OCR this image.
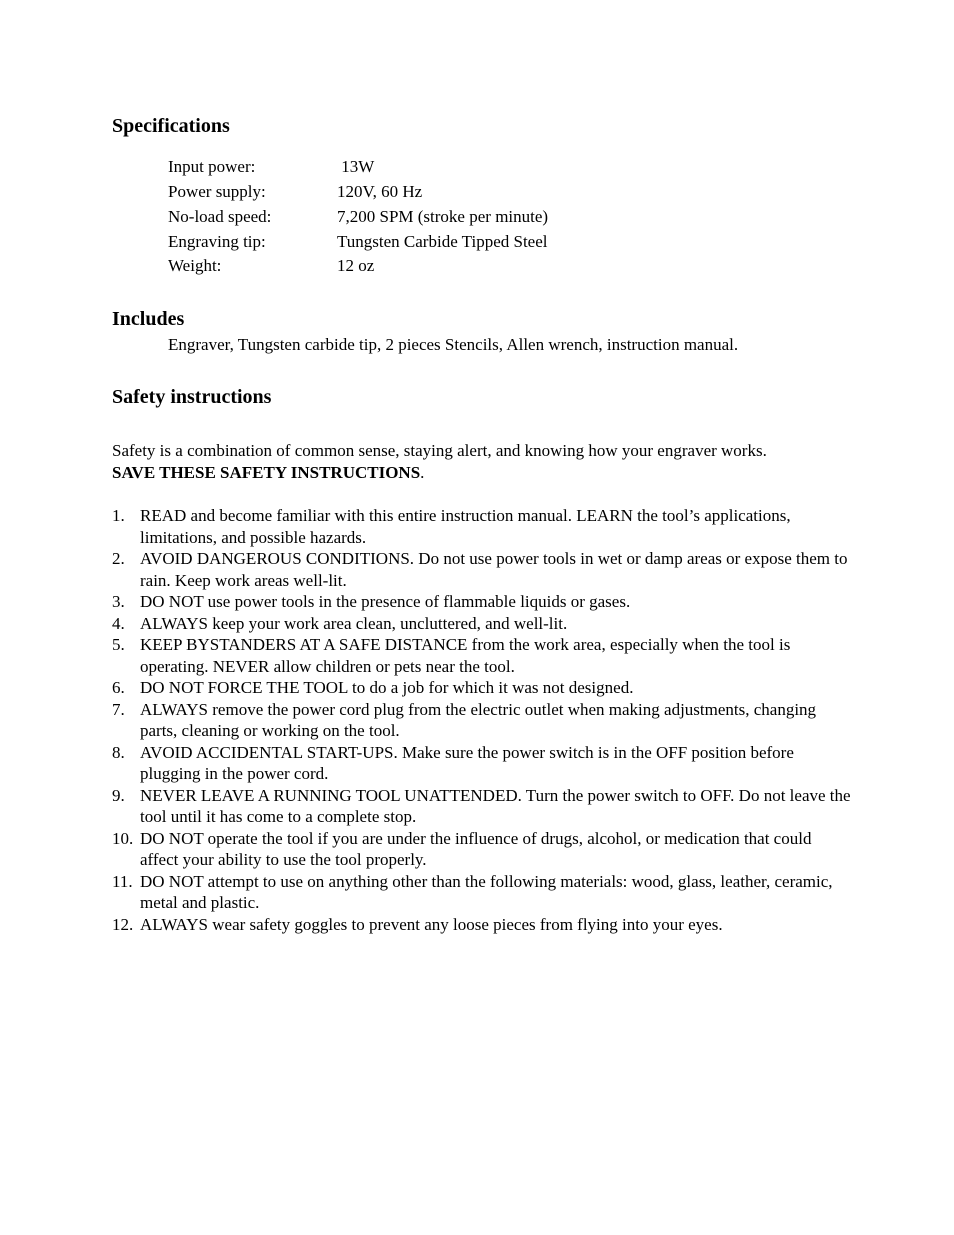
Specifications
Input power:	13W
Power supply:	120V, 60 Hz
No-load speed:	7,200 SPM (stroke per minute)
Engraving tip:	Tungsten Carbide Tipped Steel
Weight:	12 oz
Includes
Engraver, Tungsten carbide tip, 2 pieces Stencils, Allen wrench, instruction manual.
Safety instructions
Safety is a combination of common sense, staying alert, and knowing how your engraver works.
SAVE THESE SAFETY INSTRUCTIONS.
1. READ and become familiar with this entire instruction manual. LEARN the tool’s applications, limitations, and possible hazards.
2. AVOID DANGEROUS CONDITIONS. Do not use power tools in wet or damp areas or expose them to rain. Keep work areas well-lit.
3. DO NOT use power tools in the presence of flammable liquids or gases.
4. ALWAYS keep your work area clean, uncluttered, and well-lit.
5. KEEP BYSTANDERS AT A SAFE DISTANCE from the work area, especially when the tool is operating. NEVER allow children or pets near the tool.
6. DO NOT FORCE THE TOOL to do a job for which it was not designed.
7. ALWAYS remove the power cord plug from the electric outlet when making adjustments, changing parts, cleaning or working on the tool.
8. AVOID ACCIDENTAL START-UPS. Make sure the power switch is in the OFF position before plugging in the power cord.
9. NEVER LEAVE A RUNNING TOOL UNATTENDED. Turn the power switch to OFF. Do not leave the tool until it has come to a complete stop.
10. DO NOT operate the tool if you are under the influence of drugs, alcohol, or medication that could affect your ability to use the tool properly.
11. DO NOT attempt to use on anything other than the following materials: wood, glass, leather, ceramic, metal and plastic.
12. ALWAYS wear safety goggles to prevent any loose pieces from flying into your eyes.
